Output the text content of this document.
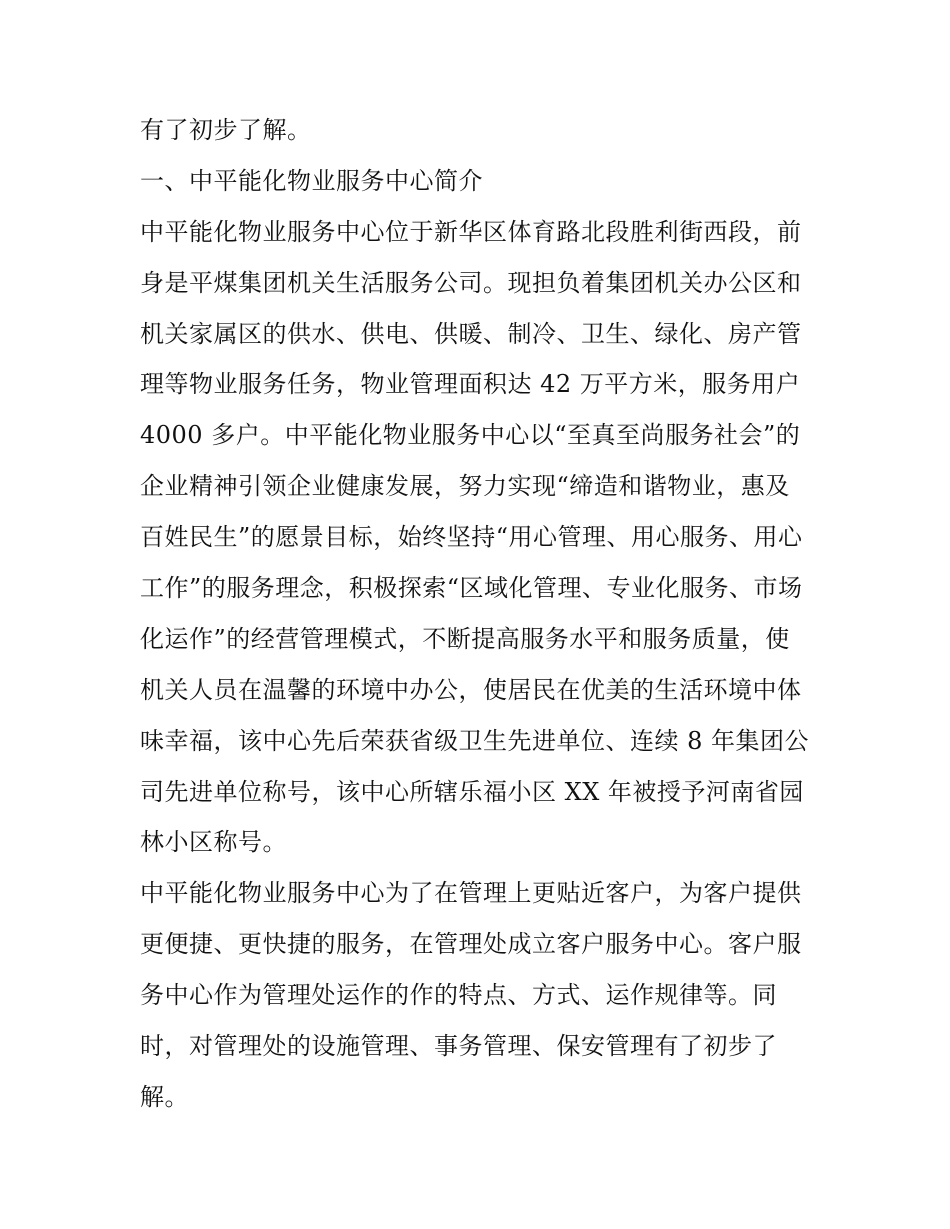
有了初步了解。
一、中平能化物业服务中心简介
中平能化物业服务中心位于新华区体育路北段胜利街西段，前
身是平煤集团机关生活服务公司。现担负着集团机关办公区和
机关家属区的供水、供电、供暖、制冷、卫生、绿化、房产管
理等物业服务任务，物业管理面积达 42 万平方米，服务用户
4000 多户。中平能化物业服务中心以“至真至尚服务社会”的
企业精神引领企业健康发展，努力实现“缔造和谐物业，惠及
百姓民生”的愿景目标，始终坚持“用心管理、用心服务、用心
工作”的服务理念，积极探索“区域化管理、专业化服务、市场
化运作”的经营管理模式，不断提高服务水平和服务质量，使
机关人员在温馨的环境中办公，使居民在优美的生活环境中体
味幸福，该中心先后荣获省级卫生先进单位、连续 8 年集团公
司先进单位称号，该中心所辖乐福小区 XX 年被授予河南省园
林小区称号。
中平能化物业服务中心为了在管理上更贴近客户，为客户提供
更便捷、更快捷的服务，在管理处成立客户服务中心。客户服
务中心作为管理处运作的作的特点、方式、运作规律等。同
时，对管理处的设施管理、事务管理、保安管理有了初步了
解。
